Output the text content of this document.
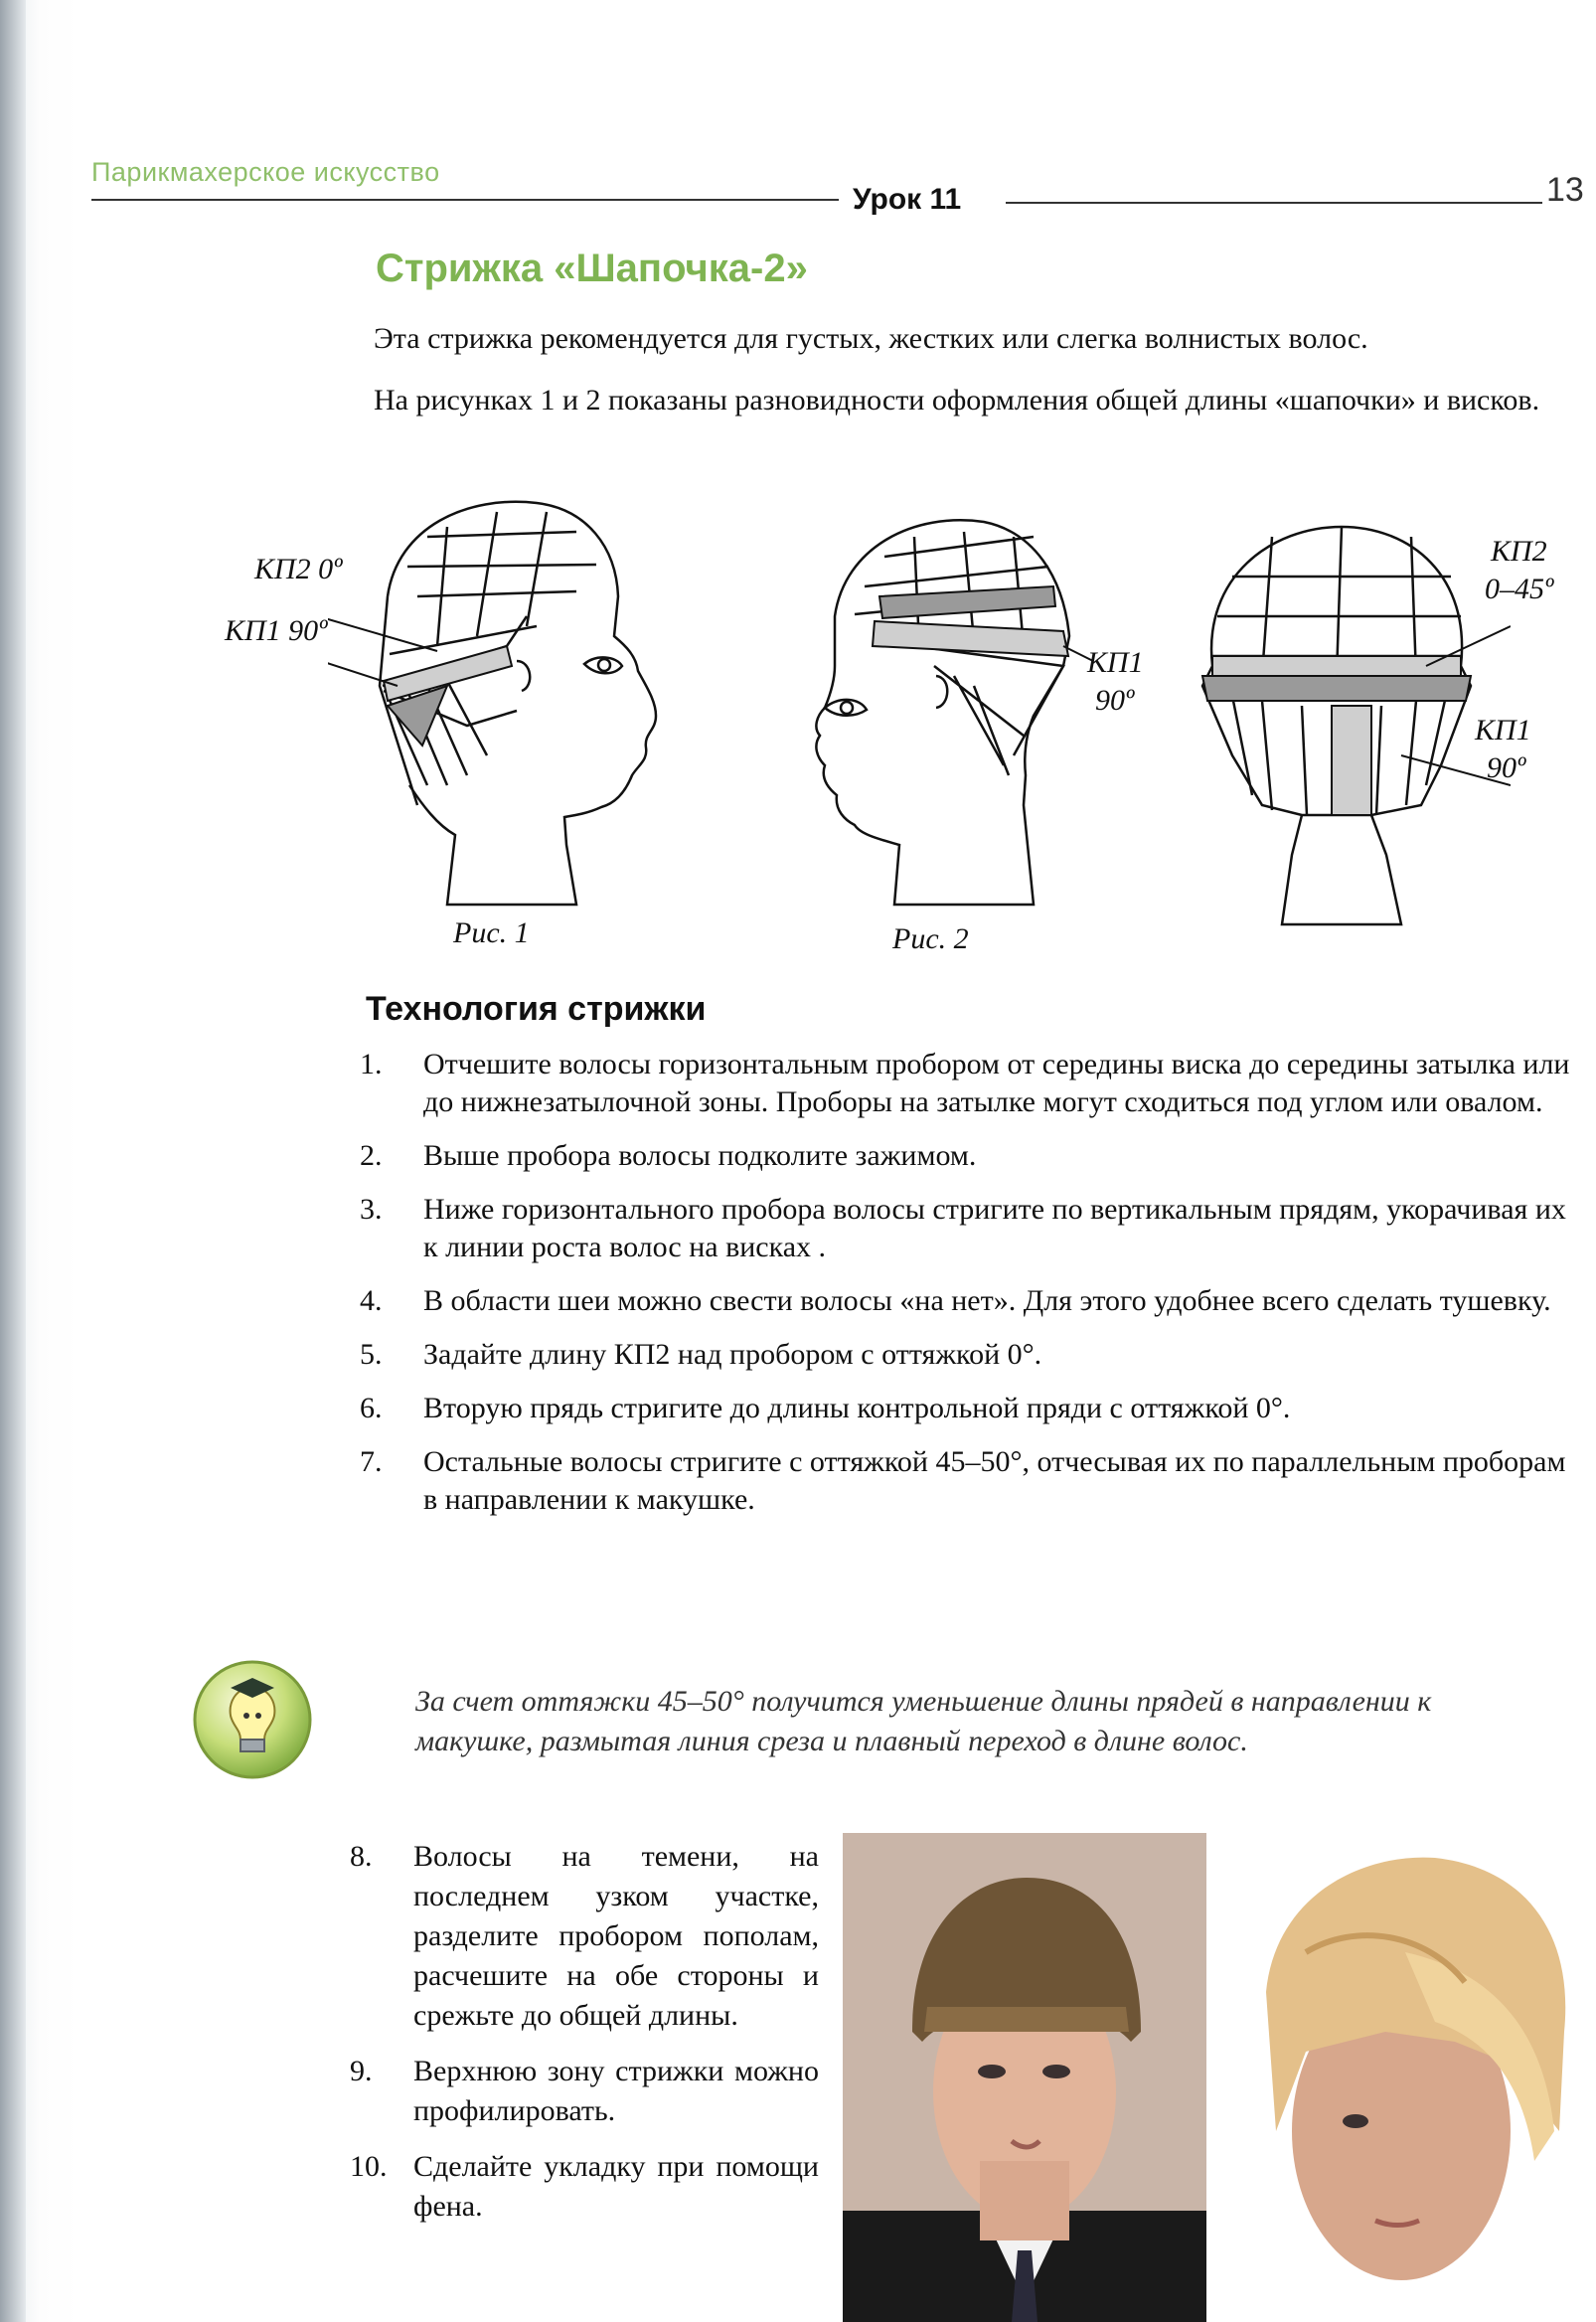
Парикмахерское искусство
Урок 11	13
Стрижка «Шапочка-2»
Эта стрижка рекомендуется для густых, жестких или слегка волнистых волос.
На рисунках 1 и 2 показаны разновидности оформления общей длины «шапочки» и висков.
КП2 0º
КП1 90º
Рис. 1
КП1
90º
Рис. 2
КП2
0–45º
КП1
90º
Технология стрижки
1. Отчешите волосы горизонтальным пробором от середины виска до середины затылка или до нижнезатылочной зоны. Проборы на затылке могут сходиться под углом или овалом.
2. Выше пробора волосы подколите зажимом.
3. Ниже горизонтального пробора волосы стригите по вертикальным прядям, укорачивая их к линии роста волос на висках .
4. В области шеи можно свести волосы «на нет». Для этого удобнее всего сделать тушевку.
5. Задайте длину КП2 над пробором с оттяжкой 0°.
6. Вторую прядь стригите до длины контрольной пряди с оттяжкой 0°.
7. Остальные волосы стригите с оттяжкой 45–50°, отчесывая их по параллельным проборам в направлении к макушке.
За счет оттяжки 45–50° получится уменьшение длины прядей в направлении к макушке, размытая линия среза и плавный переход в длине волос.
8. Волосы на темени, на последнем узком участке, разделите пробором пополам, расчешите на обе стороны и срежьте до общей длины.
9. Верхнюю зону стрижки можно профилировать.
10. Сделайте укладку при помощи фена.
